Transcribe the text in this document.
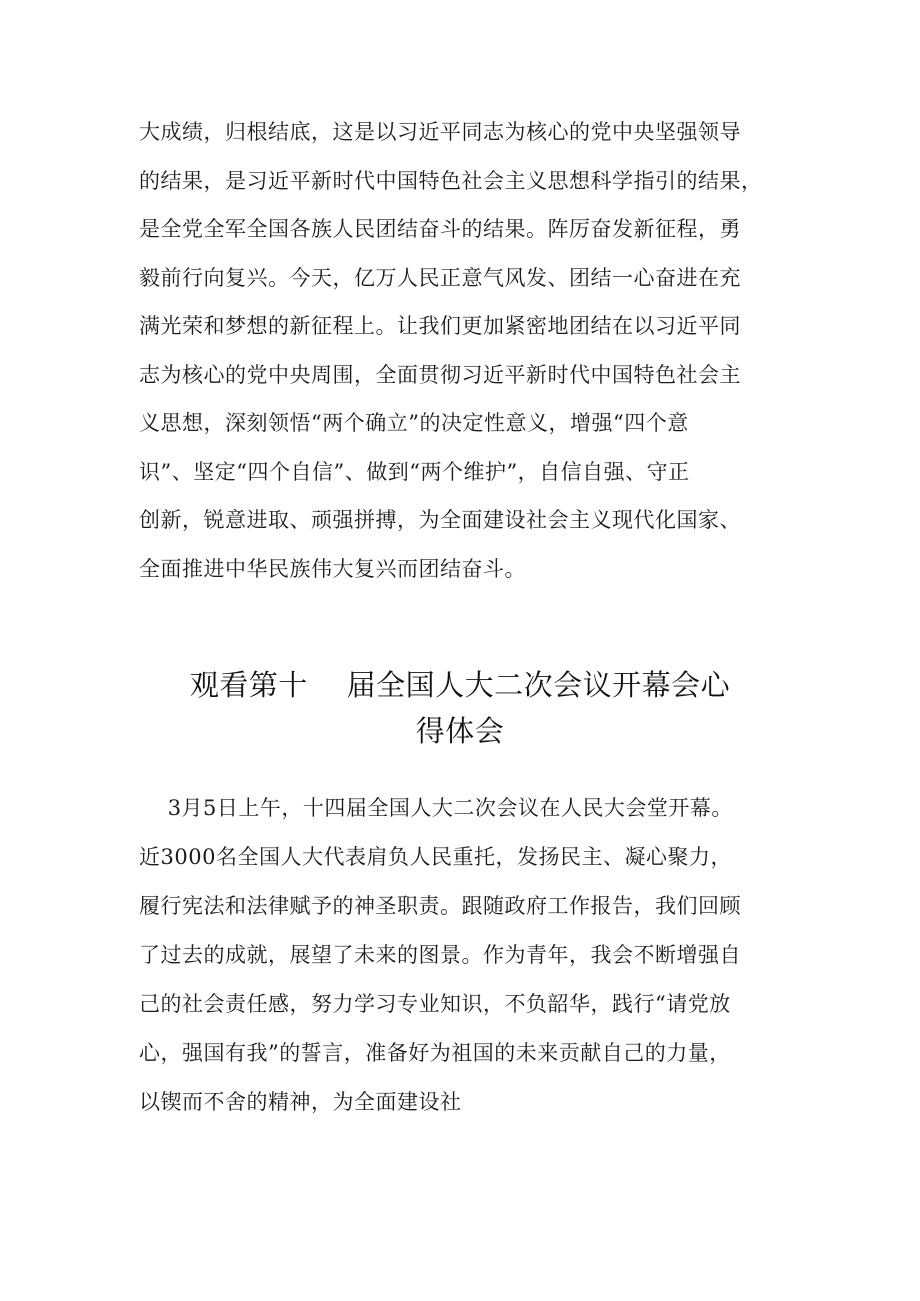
大成绩，归根结底，这是以习近平同志为核心的党中央坚强领导
的结果，是习近平新时代中国特色社会主义思想科学指引的结果，
是全党全军全国各族人民团结奋斗的结果。阵厉奋发新征程，勇
毅前行向复兴。今天，亿万人民正意气风发、团结一心奋进在充
满光荣和梦想的新征程上。让我们更加紧密地团结在以习近平同
志为核心的党中央周围，全面贯彻习近平新时代中国特色社会主
义思想，深刻领悟“两个确立”的决定性意义，增强“四个意
识”、坚定“四个自信”、做到“两个维护”，自信自强、守正
创新，锐意进取、顽强拼搏，为全面建设社会主义现代化国家、
全面推进中华民族伟大复兴而团结奋斗。
观看第十    届全国人大二次会议开幕会心
得体会
3月5日上午，十四届全国人大二次会议在人民大会堂开幕。
近3000名全国人大代表肩负人民重托，发扬民主、凝心聚力，
履行宪法和法律赋予的神圣职责。跟随政府工作报告，我们回顾
了过去的成就，展望了未来的图景。作为青年，我会不断增强自
己的社会责任感，努力学习专业知识，不负韶华，践行“请党放
心，强国有我”的誓言，准备好为祖国的未来贡献自己的力量，
以锲而不舍的精神，为全面建设社
